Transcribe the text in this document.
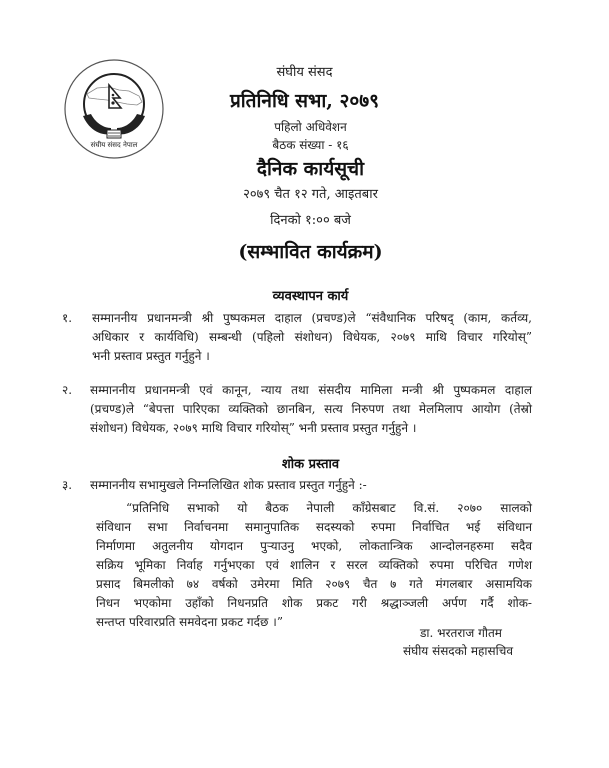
संघीय संसद नेपाल
संघीय संसद
प्रतिनिधि सभा, २०७९
पहिलो अधिवेशन
बैठक संख्या - १६
दैनिक कार्यसूची
२०७९ चैत १२ गते, आइतबार
दिनको १:०० बजे
(सम्भावित कार्यक्रम)
व्यवस्थापन कार्य
१. सम्माननीय प्रधानमन्त्री श्री पुष्पकमल दाहाल (प्रचण्ड)ले “संवैधानिक परिषद् (काम, कर्तव्य,
अधिकार र कार्यविधि) सम्बन्धी (पहिलो संशोधन) विधेयक, २०७९ माथि विचार गरियोस्”
भनी प्रस्ताव प्रस्तुत गर्नुहुने ।
२. सम्माननीय प्रधानमन्त्री एवं कानून, न्याय तथा संसदीय मामिला मन्त्री श्री पुष्पकमल दाहाल
(प्रचण्ड)ले “बेपत्ता पारिएका व्यक्तिको छानबिन, सत्य निरुपण तथा मेलमिलाप आयोग (तेस्रो
संशोधन) विधेयक, २०७९ माथि विचार गरियोस्” भनी प्रस्ताव प्रस्तुत गर्नुहुने ।
शोक प्रस्ताव
३. सम्माननीय सभामुखले निम्नलिखित शोक प्रस्ताव प्रस्तुत गर्नुहुने :-
“प्रतिनिधि सभाको यो बैठक नेपाली काँग्रेसबाट वि.सं. २०७० सालको
संविधान सभा निर्वाचनमा समानुपातिक सदस्यको रुपमा निर्वाचित भई संविधान
निर्माणमा अतुलनीय योगदान पुऱ्याउनु भएको, लोकतान्त्रिक आन्दोलनहरुमा सदैव
सक्रिय भूमिका निर्वाह गर्नुभएका एवं शालिन र सरल व्यक्तिको रुपमा परिचित गणेश
प्रसाद बिमलीको ७४ वर्षको उमेरमा मिति २०७९ चैत ७ गते मंगलबार असामयिक
निधन भएकोमा उहाँको निधनप्रति शोक प्रकट गरी श्रद्धाञ्जली अर्पण गर्दै शोक-
सन्तप्त परिवारप्रति समवेदना प्रकट गर्दछ ।”
डा. भरतराज गौतम
संघीय संसदको महासचिव
